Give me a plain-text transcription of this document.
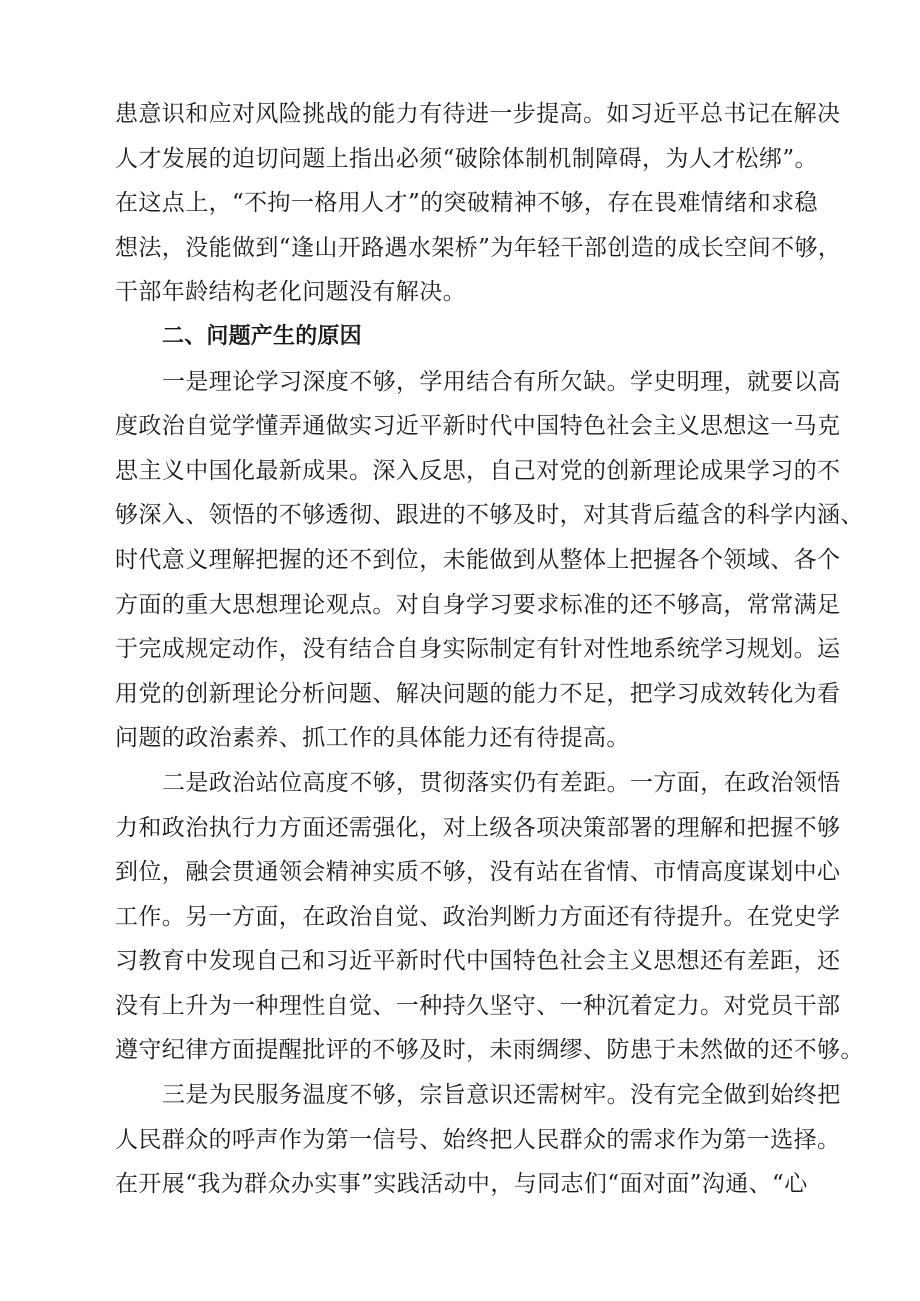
患意识和应对风险挑战的能力有待进一步提高。如习近平总书记在解决
人才发展的迫切问题上指出必须“破除体制机制障碍，为人才松绑”。
在这点上，“不拘一格用人才”的突破精神不够，存在畏难情绪和求稳
想法，没能做到“逢山开路遇水架桥”为年轻干部创造的成长空间不够，
干部年龄结构老化问题没有解决。
二、问题产生的原因
一是理论学习深度不够，学用结合有所欠缺。学史明理，就要以高
度政治自觉学懂弄通做实习近平新时代中国特色社会主义思想这一马克
思主义中国化最新成果。深入反思，自己对党的创新理论成果学习的不
够深入、领悟的不够透彻、跟进的不够及时，对其背后蕴含的科学内涵、
时代意义理解把握的还不到位，未能做到从整体上把握各个领域、各个
方面的重大思想理论观点。对自身学习要求标准的还不够高，常常满足
于完成规定动作，没有结合自身实际制定有针对性地系统学习规划。运
用党的创新理论分析问题、解决问题的能力不足，把学习成效转化为看
问题的政治素养、抓工作的具体能力还有待提高。
二是政治站位高度不够，贯彻落实仍有差距。一方面，在政治领悟
力和政治执行力方面还需强化，对上级各项决策部署的理解和把握不够
到位，融会贯通领会精神实质不够，没有站在省情、市情高度谋划中心
工作。另一方面，在政治自觉、政治判断力方面还有待提升。在党史学
习教育中发现自己和习近平新时代中国特色社会主义思想还有差距，还
没有上升为一种理性自觉、一种持久坚守、一种沉着定力。对党员干部
遵守纪律方面提醒批评的不够及时，未雨绸缪、防患于未然做的还不够。
三是为民服务温度不够，宗旨意识还需树牢。没有完全做到始终把
人民群众的呼声作为第一信号、始终把人民群众的需求作为第一选择。
在开展“我为群众办实事”实践活动中，与同志们“面对面”沟通、“心
